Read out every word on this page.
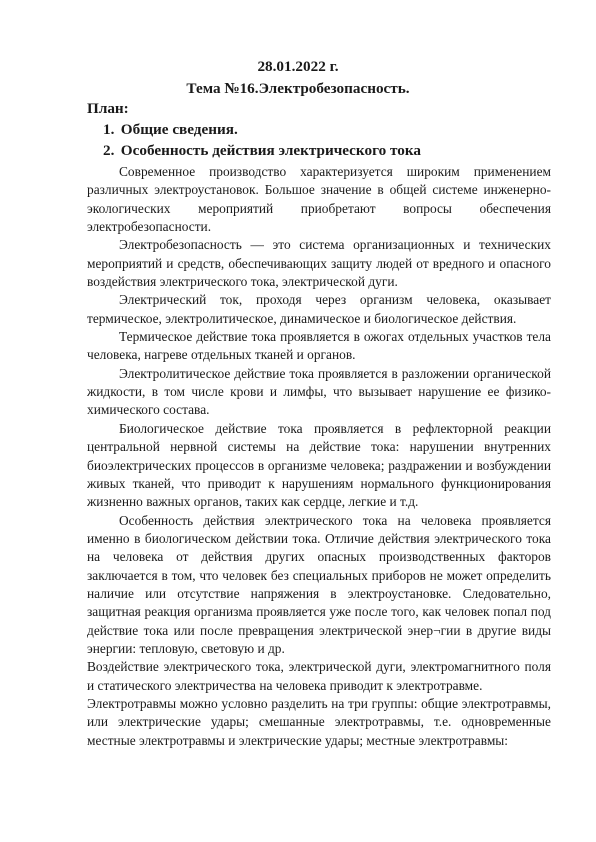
28.01.2022 г.
Тема №16.Электробезопасность.
План:
1. Общие сведения.
2. Особенность действия электрического тока

Современное производство характеризуется широким применением различных электроустановок. Большое значение в общей системе инженерно-экологических мероприятий приобретают вопросы обеспечения электробезопасности.

Электробезопасность — это система организационных и технических мероприятий и средств, обеспечивающих защиту людей от вредного и опасного воздействия электрического тока, электрической дуги.

Электрический ток, проходя через организм человека, оказывает термическое, электролитическое, динамическое и биологическое действия.

Термическое действие тока проявляется в ожогах отдельных участков тела человека, нагреве отдельных тканей и органов.

Электролитическое действие тока проявляется в разложении органической жидкости, в том числе крови и лимфы, что вызывает нарушение ее физико-химического состава.

Биологическое действие тока проявляется в рефлекторной реакции центральной нервной системы на действие тока: нарушении внутренних биоэлектрических процессов в организме человека; раздражении и возбуждении живых тканей, что приводит к нарушениям нормального функционирования жизненно важных органов, таких как сердце, легкие и т.д.

Особенность действия электрического тока на человека проявляется именно в биологическом действии тока. Отличие действия электрического тока на человека от действия других опасных производственных факторов заключается в том, что человек без специальных приборов не может определить наличие или отсутствие напряжения в электроустановке. Следовательно, защитная реакция организма проявляется уже после того, как человек попал под действие тока или после превращения электрической энер¬гии в другие виды энергии: тепловую, световую и др.

Воздействие электрического тока, электрической дуги, электромагнитного поля и статического электричества на человека приводит к электротравме.

Электротравмы можно условно разделить на три группы: общие электротравмы, или электрические удары; смешанные электротравмы, т.е. одновременные местные электротравмы и электрические удары; местные электротравмы:
